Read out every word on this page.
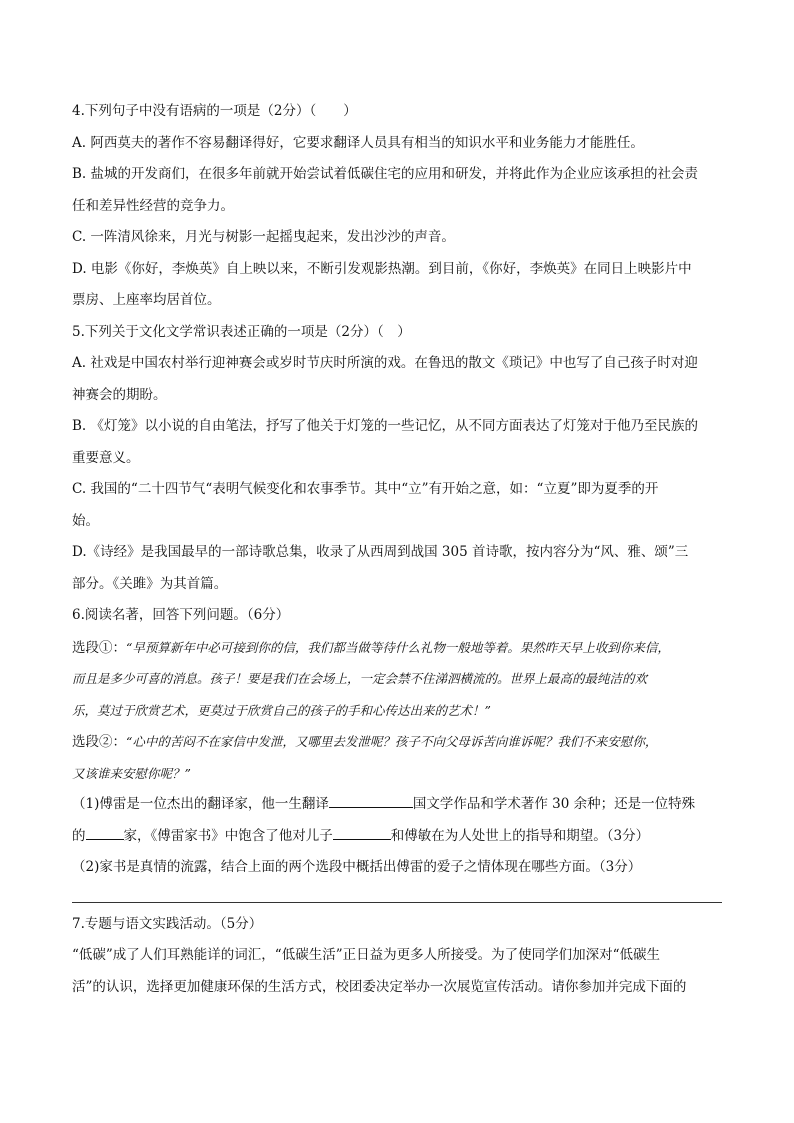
4.下列句子中没有语病的一项是（2分）（　　）
A. 阿西莫夫的著作不容易翻译得好，它要求翻译人员具有相当的知识水平和业务能力才能胜任。
B. 盐城的开发商们，在很多年前就开始尝试着低碳住宅的应用和研发，并将此作为企业应该承担的社会责
任和差异性经营的竞争力。
C. 一阵清风徐来，月光与树影一起摇曳起来，发出沙沙的声音。
D. 电影《你好，李焕英》自上映以来，不断引发观影热潮。到目前，《你好，李焕英》在同日上映影片中
票房、上座率均居首位。
5.下列关于文化文学常识表述正确的一项是（2分）（　）
A. 社戏是中国农村举行迎神赛会或岁时节庆时所演的戏。在鲁迅的散文《琐记》中也写了自己孩子时对迎
神赛会的期盼。
B. 《灯笼》以小说的自由笔法，抒写了他关于灯笼的一些记忆，从不同方面表达了灯笼对于他乃至民族的
重要意义。
C. 我国的“二十四节气“表明气候变化和农事季节。其中“立”有开始之意，如：“立夏”即为夏季的开
始。
D.《诗经》是我国最早的一部诗歌总集，收录了从西周到战国 305 首诗歌，按内容分为“风、雅、颂”三
部分。《关雎》为其首篇。
6.阅读名著，回答下列问题。（6分）
选段①：“早预算新年中必可接到你的信，我们都当做等待什么礼物一般地等着。果然昨天早上收到你来信，
而且是多少可喜的消息。孩子！要是我们在会场上，一定会禁不住涕泗横流的。世界上最高的最纯洁的欢
乐，莫过于欣赏艺术，更莫过于欣赏自己的孩子的手和心传达出来的艺术！”
选段②：“心中的苦闷不在家信中发泄，又哪里去发泄呢？孩子不向父母诉苦向谁诉呢？我们不来安慰你，
又该谁来安慰你呢？”
（1)傅雷是一位杰出的翻译家，他一生翻译	国文学作品和学术著作 30 余种；还是一位特殊
的	家，《傅雷家书》中饱含了他对儿子	和傅敏在为人处世上的指导和期望。（3分）
（2)家书是真情的流露，结合上面的两个选段中概括出傅雷的爱子之情体现在哪些方面。（3分）
7.专题与语文实践活动。（5分）
“低碳”成了人们耳熟能详的词汇，“低碳生活”正日益为更多人所接受。为了使同学们加深对“低碳生
活”的认识，选择更加健康环保的生活方式，校团委决定举办一次展览宣传活动。请你参加并完成下面的
